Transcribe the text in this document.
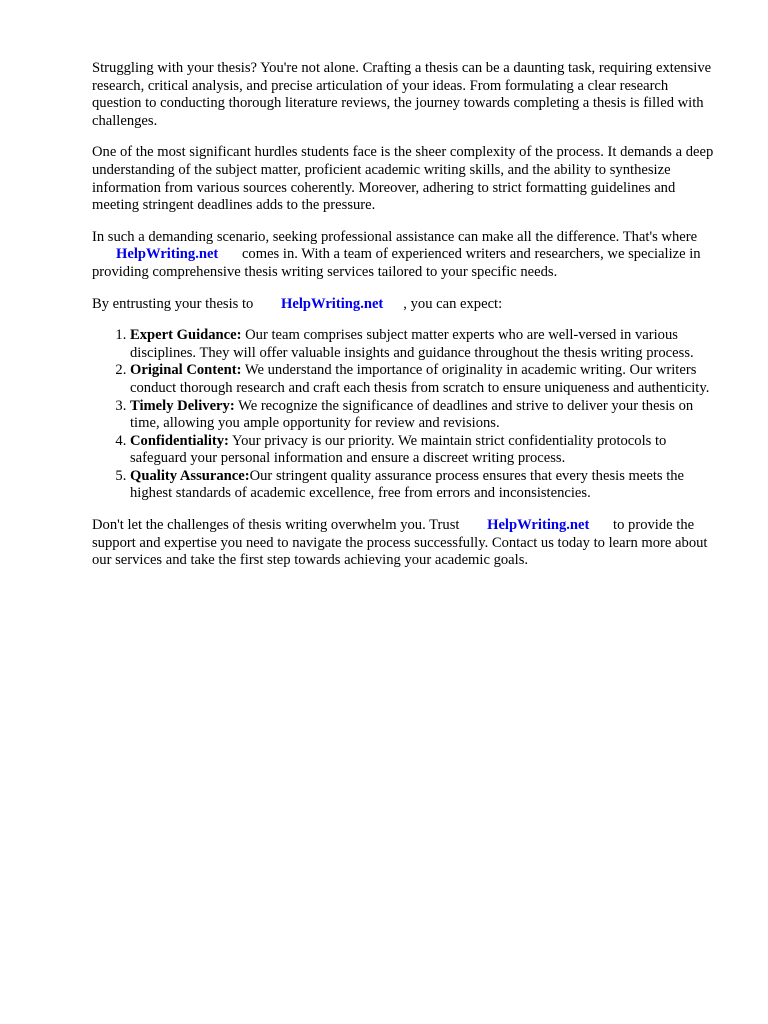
Struggling with your thesis? You're not alone. Crafting a thesis can be a daunting task, requiring extensive research, critical analysis, and precise articulation of your ideas. From formulating a clear research question to conducting thorough literature reviews, the journey towards completing a thesis is filled with challenges.

One of the most significant hurdles students face is the sheer complexity of the process. It demands a deep understanding of the subject matter, proficient academic writing skills, and the ability to synthesize information from various sources coherently. Moreover, adhering to strict formatting guidelines and meeting stringent deadlines adds to the pressure.

In such a demanding scenario, seeking professional assistance can make all the difference. That's where HelpWriting.net comes in. With a team of experienced writers and researchers, we specialize in providing comprehensive thesis writing services tailored to your specific needs.

By entrusting your thesis to HelpWriting.net , you can expect:

1. Expert Guidance: Our team comprises subject matter experts who are well-versed in various disciplines. They will offer valuable insights and guidance throughout the thesis writing process.
2. Original Content: We understand the importance of originality in academic writing. Our writers conduct thorough research and craft each thesis from scratch to ensure uniqueness and authenticity.
3. Timely Delivery: We recognize the significance of deadlines and strive to deliver your thesis on time, allowing you ample opportunity for review and revisions.
4. Confidentiality: Your privacy is our priority. We maintain strict confidentiality protocols to safeguard your personal information and ensure a discreet writing process.
5. Quality Assurance:Our stringent quality assurance process ensures that every thesis meets the highest standards of academic excellence, free from errors and inconsistencies.

Don't let the challenges of thesis writing overwhelm you. Trust HelpWriting.net to provide the support and expertise you need to navigate the process successfully. Contact us today to learn more about our services and take the first step towards achieving your academic goals.
